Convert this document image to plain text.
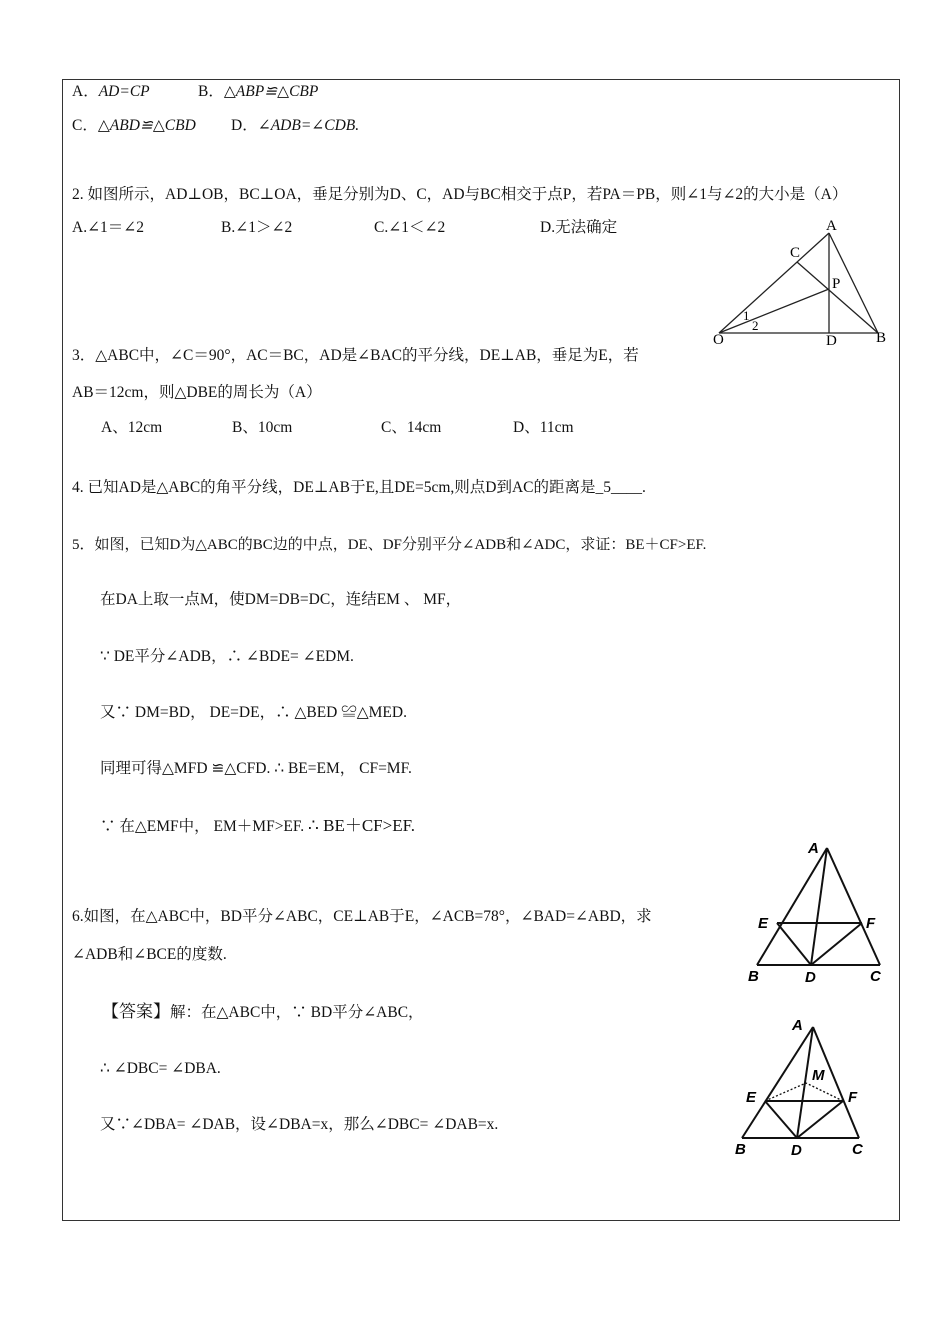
A．AD=CP	B．△ABP≌△CBP
C．△ABD≌△CBD D．∠ADB=∠CDB.
2. 如图所示，AD⊥OB，BC⊥OA，垂足分别为D、C，AD与BC相交于点P，若PA＝PB，则∠1与∠2的大小是（A）
A.∠1＝∠2	B.∠1＞∠2	C.∠1＜∠2	D.无法确定	A
C
P
O	D	B
1
2
3．△ABC中，∠C＝90°，AC＝BC，AD是∠BAC的平分线，DE⊥AB，垂足为E，若
AB＝12cm，则△DBE的周长为（A）
A、12cm	B、10cm	C、14cm	D、11cm
4. 已知AD是△ABC的角平分线，DE⊥AB于E,且DE=5cm,则点D到AC的距离是_5____.
5．如图，已知D为△ABC的BC边的中点，DE、DF分别平分∠ADB和∠ADC，求证：BE＋CF>EF.
在DA上取一点M，使DM=DB=DC，连结EM 、 MF，
∵ DE平分∠ADB，∴ ∠BDE= ∠EDM.
又∵ DM=BD， DE=DE，∴ △BED ≌△MED.
同理可得△MFD ≌△CFD. ∴ BE=EM， CF=MF.
∵ 在△EMF中， EM＋MF>EF. ∴ BE＋CF>EF.
A
E	F
B	D	C
6.如图，在△ABC中，BD平分∠ABC，CE⊥AB于E，∠ACB=78°，∠BAD=∠ABD，求
∠ADB和∠BCE的度数.
【答案】解：在△ABC中，∵ BD平分∠ABC，
∴ ∠DBC= ∠DBA.
又∵∠DBA= ∠DAB，设∠DBA=x，那么∠DBC= ∠DAB=x.
A
M
E	F
B	D	C
